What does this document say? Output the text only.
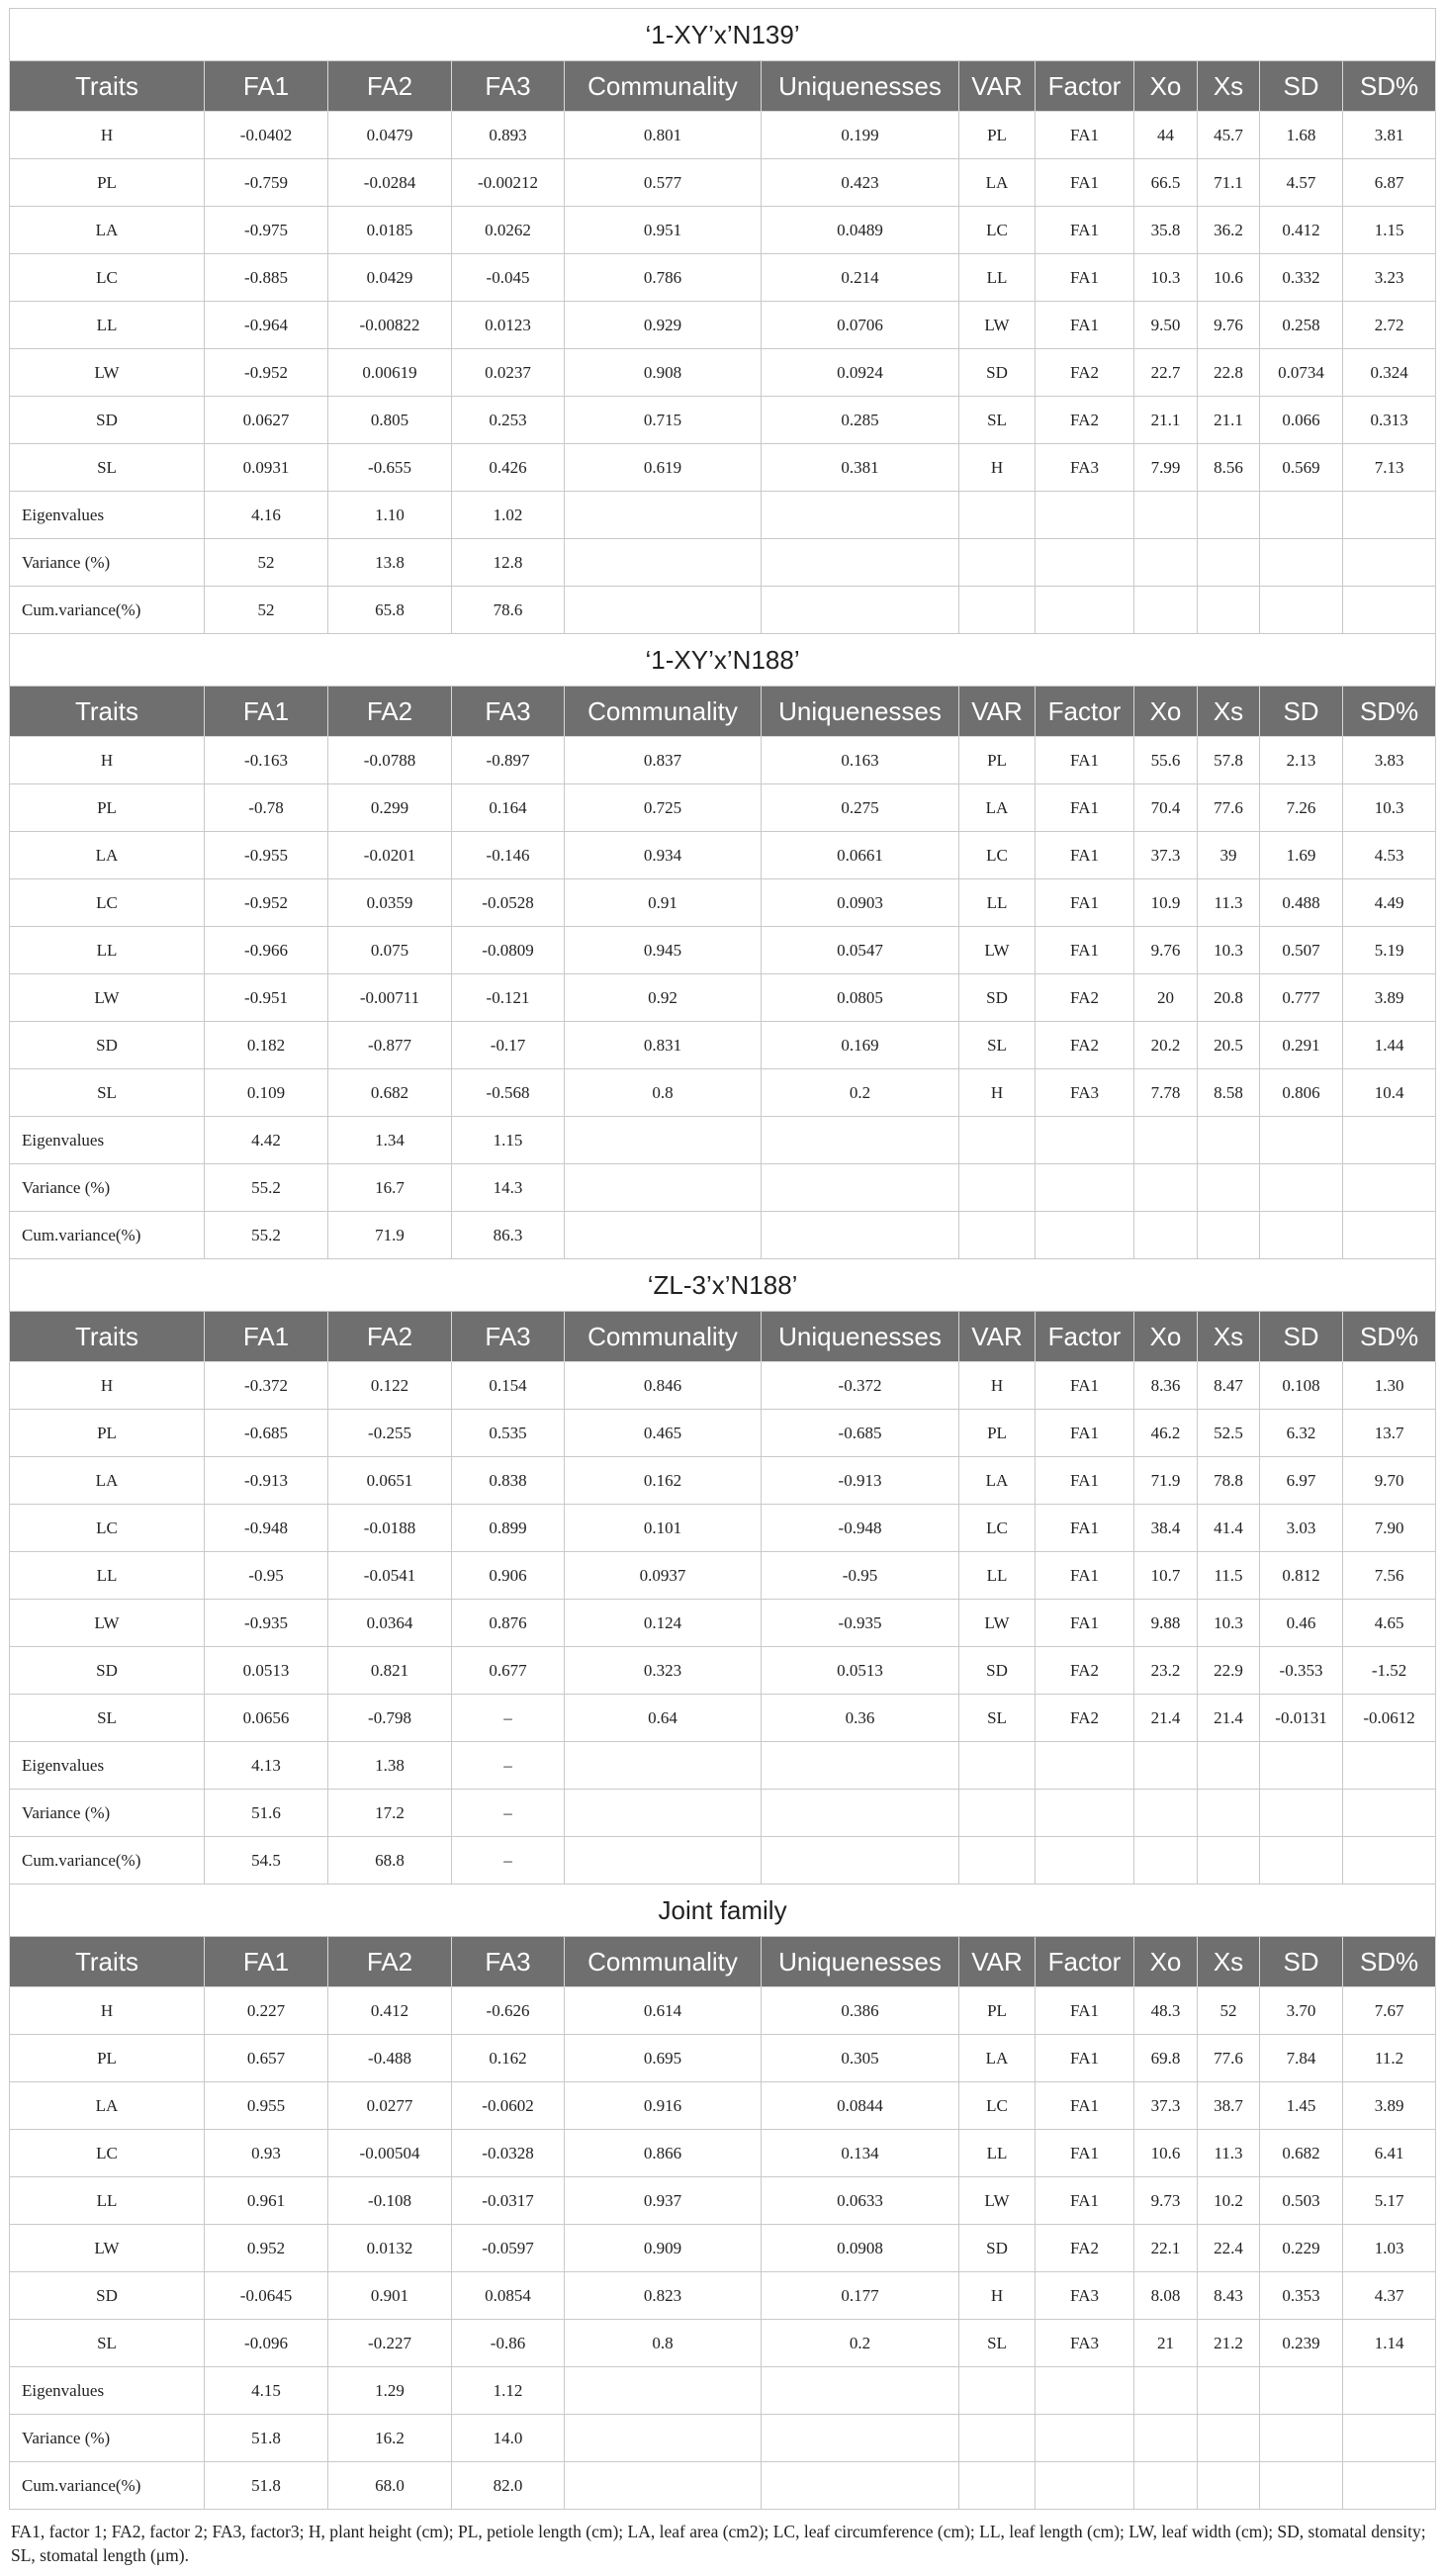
‘1-XY’x’N139’											
Traits	FA1	FA2	FA3	Communality	Uniquenesses	VAR	Factor	Xo	Xs	SD	SD%
H	-0.0402	0.0479	0.893	0.801	0.199	PL	FA1	44	45.7	1.68	3.81
PL	-0.759	-0.0284	-0.00212	0.577	0.423	LA	FA1	66.5	71.1	4.57	6.87
LA	-0.975	0.0185	0.0262	0.951	0.0489	LC	FA1	35.8	36.2	0.412	1.15
LC	-0.885	0.0429	-0.045	0.786	0.214	LL	FA1	10.3	10.6	0.332	3.23
LL	-0.964	-0.00822	0.0123	0.929	0.0706	LW	FA1	9.50	9.76	0.258	2.72
LW	-0.952	0.00619	0.0237	0.908	0.0924	SD	FA2	22.7	22.8	0.0734	0.324
SD	0.0627	0.805	0.253	0.715	0.285	SL	FA2	21.1	21.1	0.066	0.313
SL	0.0931	-0.655	0.426	0.619	0.381	H	FA3	7.99	8.56	0.569	7.13
Eigenvalues	4.16	1.10	1.02								
Variance (%)	52	13.8	12.8								
Cum.variance(%)	52	65.8	78.6								
‘1-XY’x’N188’											
Traits	FA1	FA2	FA3	Communality	Uniquenesses	VAR	Factor	Xo	Xs	SD	SD%
H	-0.163	-0.0788	-0.897	0.837	0.163	PL	FA1	55.6	57.8	2.13	3.83
PL	-0.78	0.299	0.164	0.725	0.275	LA	FA1	70.4	77.6	7.26	10.3
LA	-0.955	-0.0201	-0.146	0.934	0.0661	LC	FA1	37.3	39	1.69	4.53
LC	-0.952	0.0359	-0.0528	0.91	0.0903	LL	FA1	10.9	11.3	0.488	4.49
LL	-0.966	0.075	-0.0809	0.945	0.0547	LW	FA1	9.76	10.3	0.507	5.19
LW	-0.951	-0.00711	-0.121	0.92	0.0805	SD	FA2	20	20.8	0.777	3.89
SD	0.182	-0.877	-0.17	0.831	0.169	SL	FA2	20.2	20.5	0.291	1.44
SL	0.109	0.682	-0.568	0.8	0.2	H	FA3	7.78	8.58	0.806	10.4
Eigenvalues	4.42	1.34	1.15								
Variance (%)	55.2	16.7	14.3								
Cum.variance(%)	55.2	71.9	86.3								
‘ZL-3’x’N188’											
Traits	FA1	FA2	FA3	Communality	Uniquenesses	VAR	Factor	Xo	Xs	SD	SD%
H	-0.372	0.122	0.154	0.846	-0.372	H	FA1	8.36	8.47	0.108	1.30
PL	-0.685	-0.255	0.535	0.465	-0.685	PL	FA1	46.2	52.5	6.32	13.7
LA	-0.913	0.0651	0.838	0.162	-0.913	LA	FA1	71.9	78.8	6.97	9.70
LC	-0.948	-0.0188	0.899	0.101	-0.948	LC	FA1	38.4	41.4	3.03	7.90
LL	-0.95	-0.0541	0.906	0.0937	-0.95	LL	FA1	10.7	11.5	0.812	7.56
LW	-0.935	0.0364	0.876	0.124	-0.935	LW	FA1	9.88	10.3	0.46	4.65
SD	0.0513	0.821	0.677	0.323	0.0513	SD	FA2	23.2	22.9	-0.353	-1.52
SL	0.0656	-0.798	–	0.64	0.36	SL	FA2	21.4	21.4	-0.0131	-0.0612
Eigenvalues	4.13	1.38	–								
Variance (%)	51.6	17.2	–								
Cum.variance(%)	54.5	68.8	–								
Joint family											
Traits	FA1	FA2	FA3	Communality	Uniquenesses	VAR	Factor	Xo	Xs	SD	SD%
H	0.227	0.412	-0.626	0.614	0.386	PL	FA1	48.3	52	3.70	7.67
PL	0.657	-0.488	0.162	0.695	0.305	LA	FA1	69.8	77.6	7.84	11.2
LA	0.955	0.0277	-0.0602	0.916	0.0844	LC	FA1	37.3	38.7	1.45	3.89
LC	0.93	-0.00504	-0.0328	0.866	0.134	LL	FA1	10.6	11.3	0.682	6.41
LL	0.961	-0.108	-0.0317	0.937	0.0633	LW	FA1	9.73	10.2	0.503	5.17
LW	0.952	0.0132	-0.0597	0.909	0.0908	SD	FA2	22.1	22.4	0.229	1.03
SD	-0.0645	0.901	0.0854	0.823	0.177	H	FA3	8.08	8.43	0.353	4.37
SL	-0.096	-0.227	-0.86	0.8	0.2	SL	FA3	21	21.2	0.239	1.14
Eigenvalues	4.15	1.29	1.12								
Variance (%)	51.8	16.2	14.0								
Cum.variance(%)	51.8	68.0	82.0								
FA1, factor 1; FA2, factor 2; FA3, factor3; H, plant height (cm); PL, petiole length (cm); LA, leaf area (cm2); LC, leaf circumference (cm); LL, leaf length (cm); LW, leaf width (cm); SD, stomatal density; SL, stomatal length (μm).
